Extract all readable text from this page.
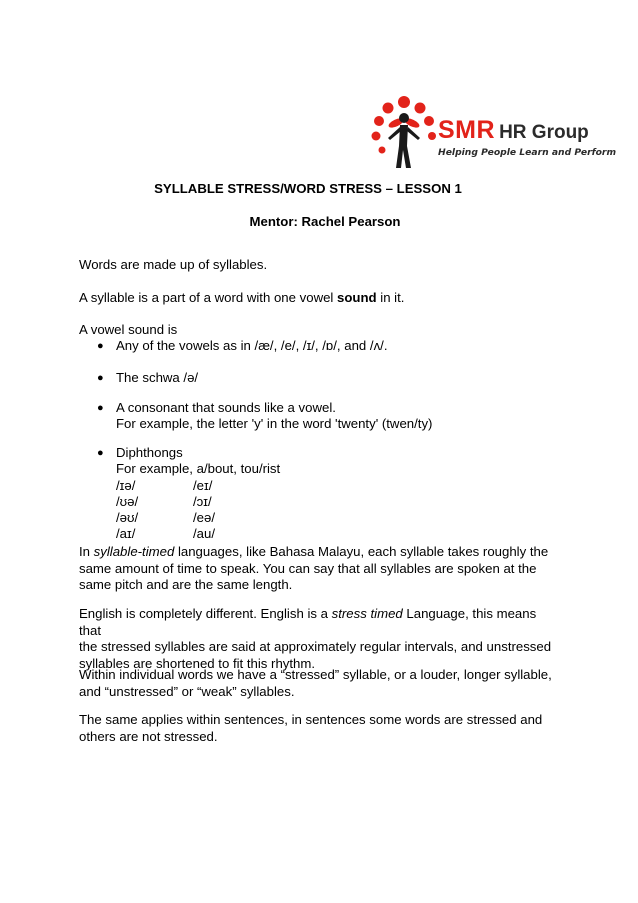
SMR HR Group
Helping People Learn and Perform
SYLLABLE STRESS/WORD STRESS – LESSON 1
Mentor: Rachel Pearson
Words are made up of syllables.
A syllable is a part of a word with one vowel sound in it.
A vowel sound is
● Any of the vowels as in /æ/, /e/, /ɪ/, /ɒ/, and /ʌ/.
● The schwa /ə/
● A consonant that sounds like a vowel.
For example, the letter 'y' in the word 'twenty' (twen/ty)
● Diphthongs
For example, a/bout, tou/rist
/ɪə/	/eɪ/
/ʊə/	/ɔɪ/
/əʊ/	/eə/
/aɪ/	/au/
In syllable-timed languages, like Bahasa Malayu, each syllable takes roughly the
same amount of time to speak. You can say that all syllables are spoken at the
same pitch and are the same length.
English is completely different. English is a stress timed Language, this means that
the stressed syllables are said at approximately regular intervals, and unstressed
syllables are shortened to fit this rhythm.
Within individual words we have a “stressed” syllable, or a louder, longer syllable,
and “unstressed” or “weak” syllables.
The same applies within sentences, in sentences some words are stressed and
others are not stressed.
